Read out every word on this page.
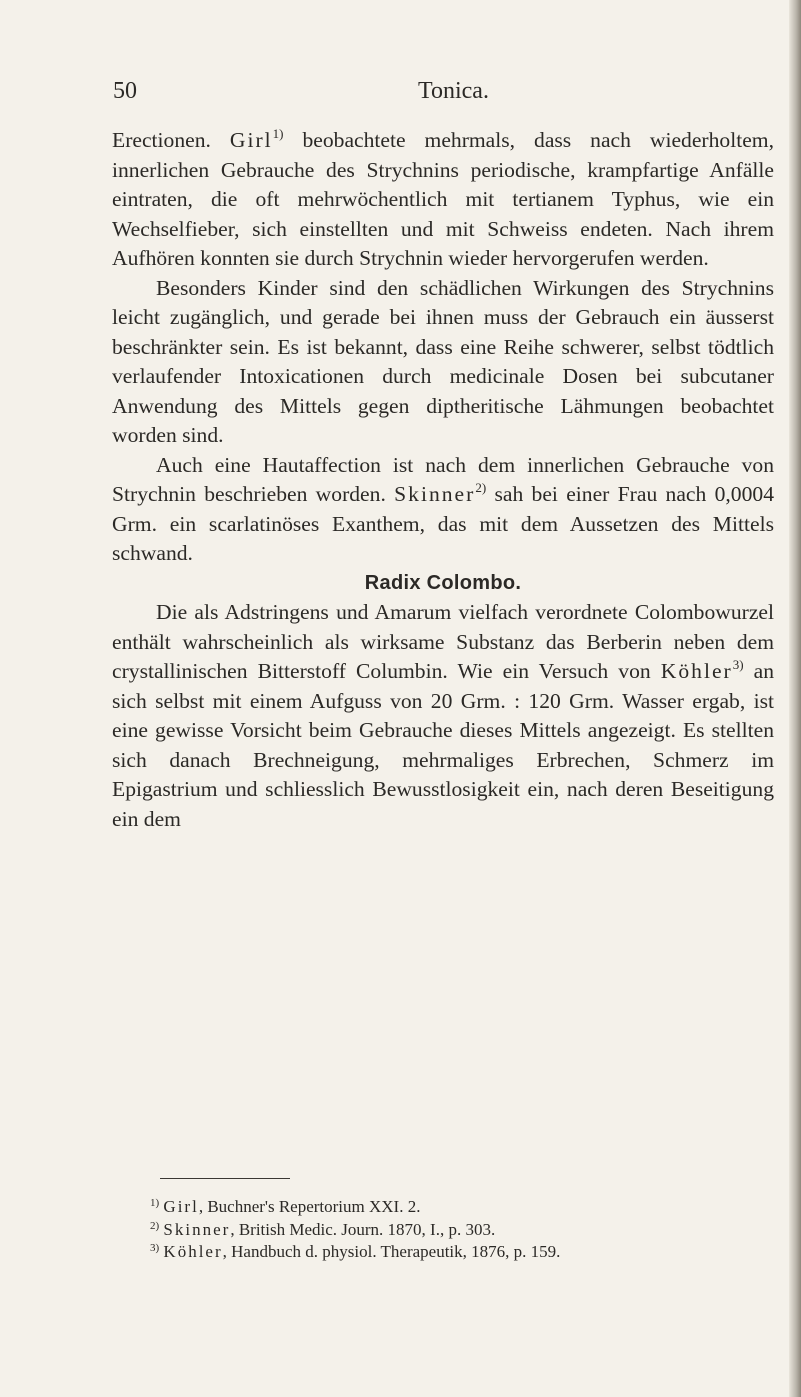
50	Tonica.

Erectionen. Girl$^{1)}$ beobachtete mehrmals, dass nach wiederholtem, innerlichen Gebrauche des Strychnins periodische, krampfartige Anfälle eintraten, die oft mehrwöchentlich mit tertianem Typhus, wie ein Wechselfieber, sich einstellten und mit Schweiss endeten. Nach ihrem Aufhören konnten sie durch Strychnin wieder hervorgerufen werden.

Besonders Kinder sind den schädlichen Wirkungen des Strychnins leicht zugänglich, und gerade bei ihnen muss der Gebrauch ein äusserst beschränkter sein. Es ist bekannt, dass eine Reihe schwerer, selbst tödtlich verlaufender Intoxicationen durch medicinale Dosen bei subcutaner Anwendung des Mittels gegen diptheritische Lähmungen beobachtet worden sind.

Auch eine Hautaffection ist nach dem innerlichen Gebrauche von Strychnin beschrieben worden. Skinner$^{2)}$ sah bei einer Frau nach 0,0004 Grm. ein scarlatinöses Exanthem, das mit dem Aussetzen des Mittels schwand.

Radix Colombo.

Die als Adstringens und Amarum vielfach verordnete Colombowurzel enthält wahrscheinlich als wirksame Substanz das Berberin neben dem crystallinischen Bitterstoff Columbin. Wie ein Versuch von Köhler$^{3)}$ an sich selbst mit einem Aufguss von 20 Grm. : 120 Grm. Wasser ergab, ist eine gewisse Vorsicht beim Gebrauche dieses Mittels angezeigt. Es stellten sich danach Brechneigung, mehrmaliges Erbrechen, Schmerz im Epigastrium und schliesslich Bewusstlosigkeit ein, nach deren Beseitigung ein dem

$^{1)}$ Girl, Buchner's Repertorium XXI. 2.
$^{2)}$ Skinner, British Medic. Journ. 1870, I., p. 303.
$^{3)}$ Köhler, Handbuch d. physiol. Therapeutik, 1876, p. 159.
